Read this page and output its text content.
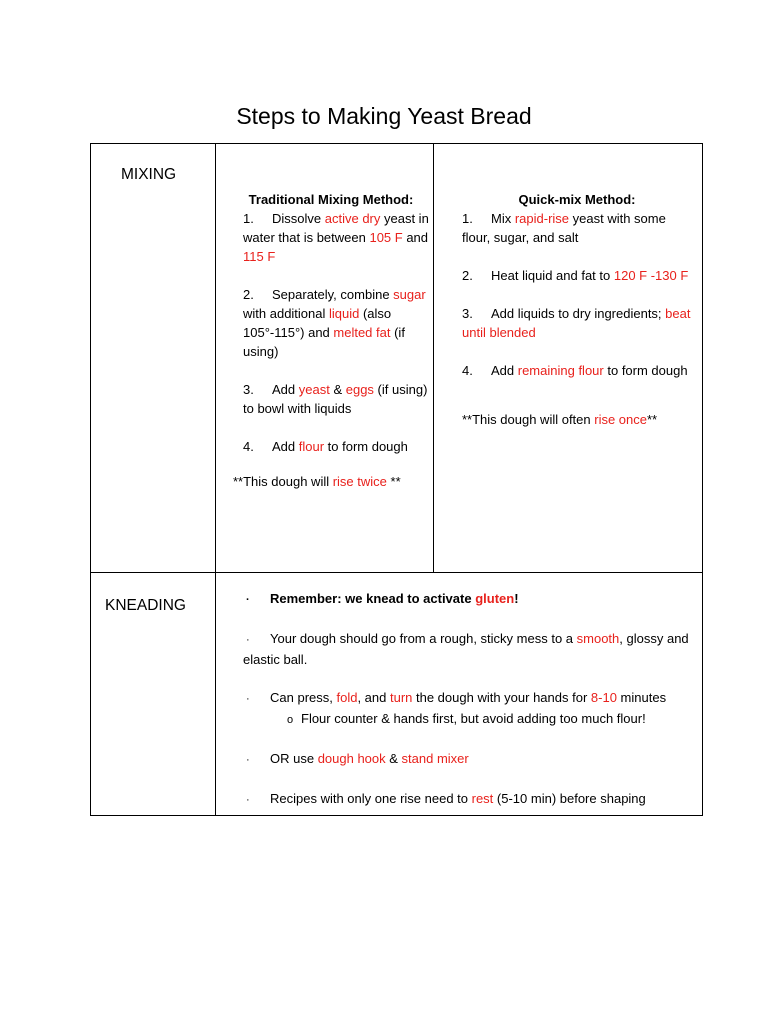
Steps to Making Yeast Bread
MIXING

Traditional Mixing Method:

1. Dissolve active dry yeast in water that is between 105 F and 115 F

2. Separately, combine sugar with additional liquid (also 105°-115°) and melted fat (if using)

3. Add yeast & eggs (if using) to bowl with liquids

4. Add flour to form dough

**This dough will rise twice **

Quick-mix Method:

1. Mix rapid-rise yeast with some flour, sugar, and salt

2. Heat liquid and fat to 120 F -130 F

3. Add liquids to dry ingredients; beat until blended

4. Add remaining flour to form dough

**This dough will often rise once**

KNEADING	· Remember: we knead to activate gluten!

· Your dough should go from a rough, sticky mess to a smooth, glossy and elastic ball.

· Can press, fold, and turn the dough with your hands for 8-10 minutes
o Flour counter & hands first, but avoid adding too much flour!

· OR use dough hook & stand mixer

· Recipes with only one rise need to rest (5-10 min) before shaping
